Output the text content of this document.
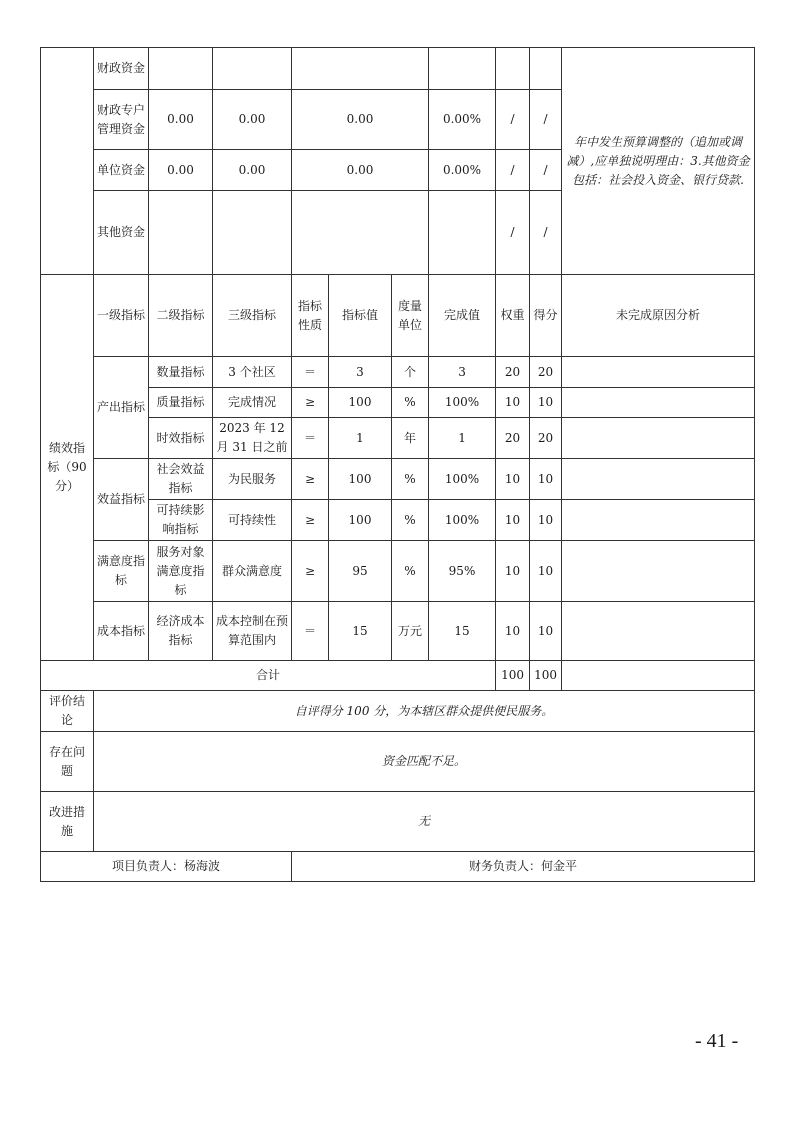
	财政资金									年中发生预算调整的（追加或调减）,应单独说明理由：3.其他资金包括：社会投入资金、银行贷款.
	财政专户管理资金	0.00	0.00	0.00			0.00%	/	/	
	单位资金	0.00	0.00	0.00			0.00%	/	/	
	其他资金							/	/	
绩效指标（90分）	一级指标	二级指标	三级指标	指标性质	指标值	度量单位	完成值	权重	得分	未完成原因分析
	产出指标	数量指标	3 个社区	＝	3	个	3	20	20	
		质量指标	完成情况	≥	100	%	100%	10	10	
		时效指标	2023 年 12 月 31 日之前	＝	1	年	1	20	20	
	效益指标	社会效益指标	为民服务	≥	100	%	100%	10	10	
		可持续影响指标	可持续性	≥	100	%	100%	10	10	
	满意度指标	服务对象满意度指标	群众满意度	≥	95	%	95%	10	10	
	成本指标	经济成本指标	成本控制在预算范围内	＝	15	万元	15	10	10	
合计								100	100	
评价结论	自评得分 100 分，为本辖区群众提供便民服务。									
存在问题	资金匹配不足。									
改进措施	无									
项目负责人：杨海波				财务负责人：何金平						
- 41 -
